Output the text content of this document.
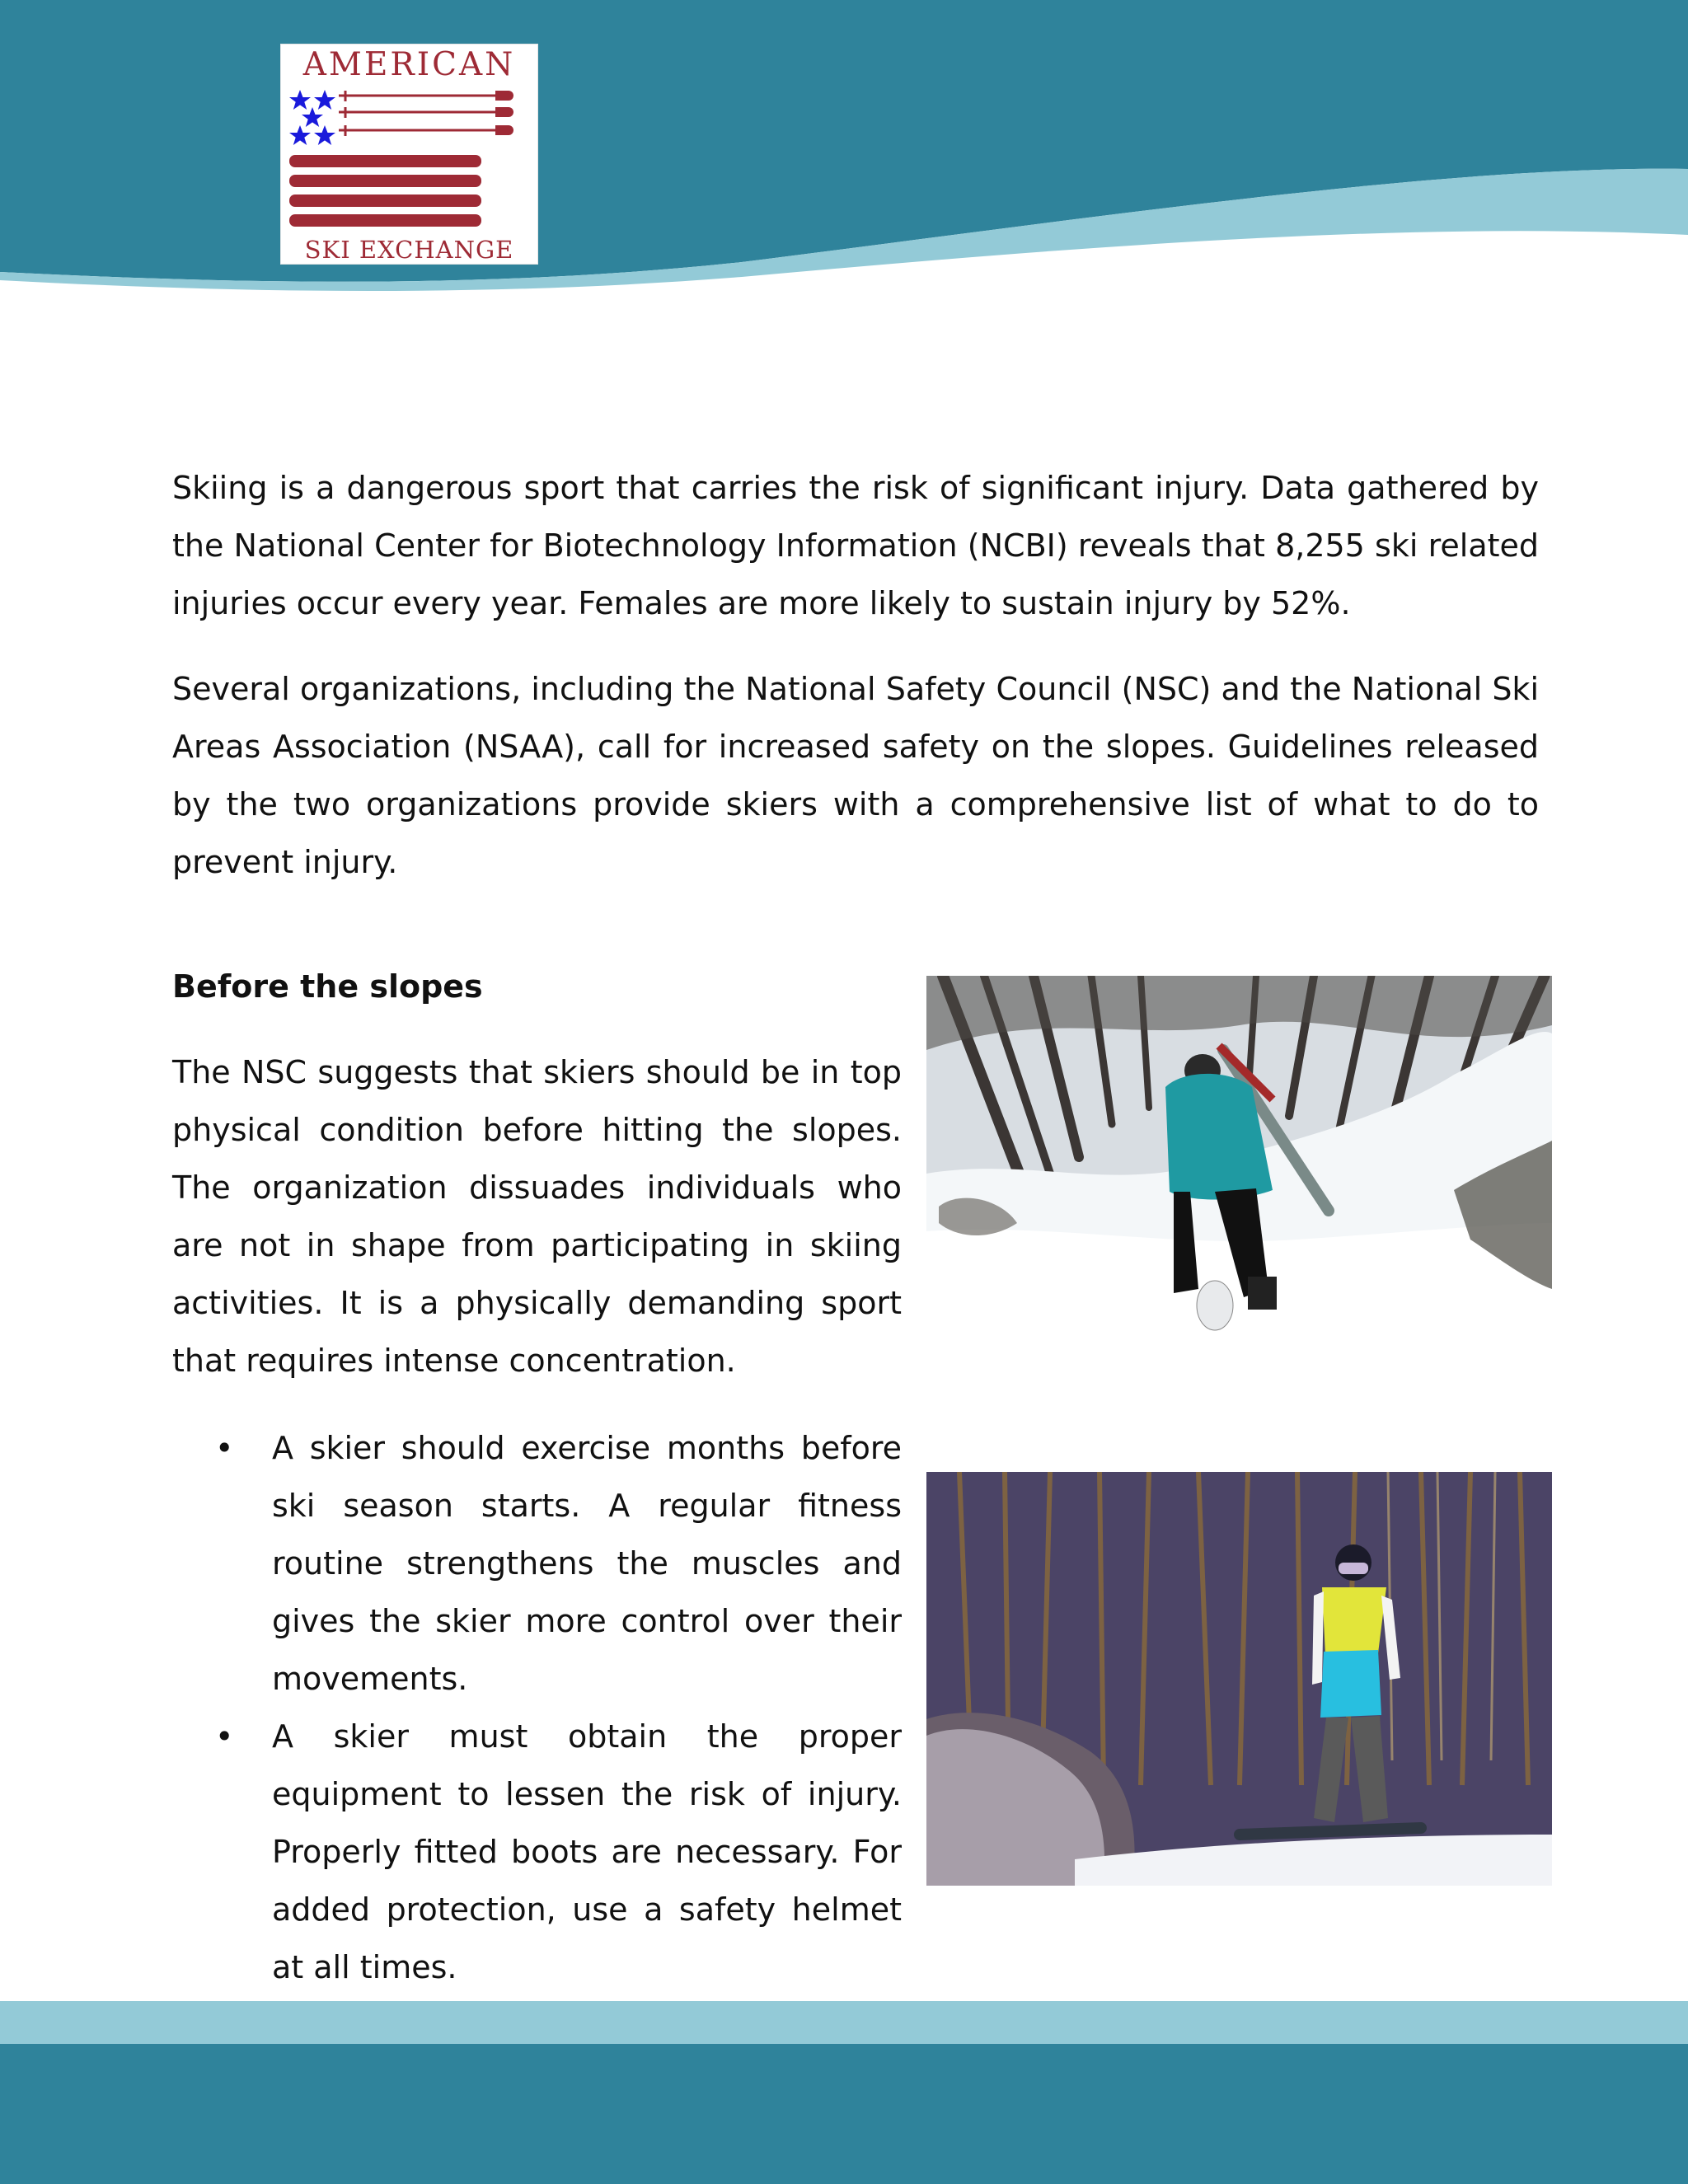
AMERICAN
SKI EXCHANGE

Skiing is a dangerous sport that carries the risk of significant injury. Data gathered by the National Center for Biotechnology Information (NCBI) reveals that 8,255 ski related injuries occur every year. Females are more likely to sustain injury by 52%.

Several organizations, including the National Safety Council (NSC) and the National Ski Areas Association (NSAA), call for increased safety on the slopes. Guidelines released by the two organizations provide skiers with a comprehensive list of what to do to prevent injury.

Before the slopes

The NSC suggests that skiers should be in top physical condition before hitting the slopes. The organization dissuades individuals who are not in shape from participating in skiing activities. It is a physically demanding sport that requires intense concentration.

• A skier should exercise months before ski season starts. A regular fitness routine strengthens the muscles and gives the skier more control over their movements.
• A skier must obtain the proper equipment to lessen the risk of injury. Properly fitted boots are necessary. For added protection, use a safety helmet at all times.
